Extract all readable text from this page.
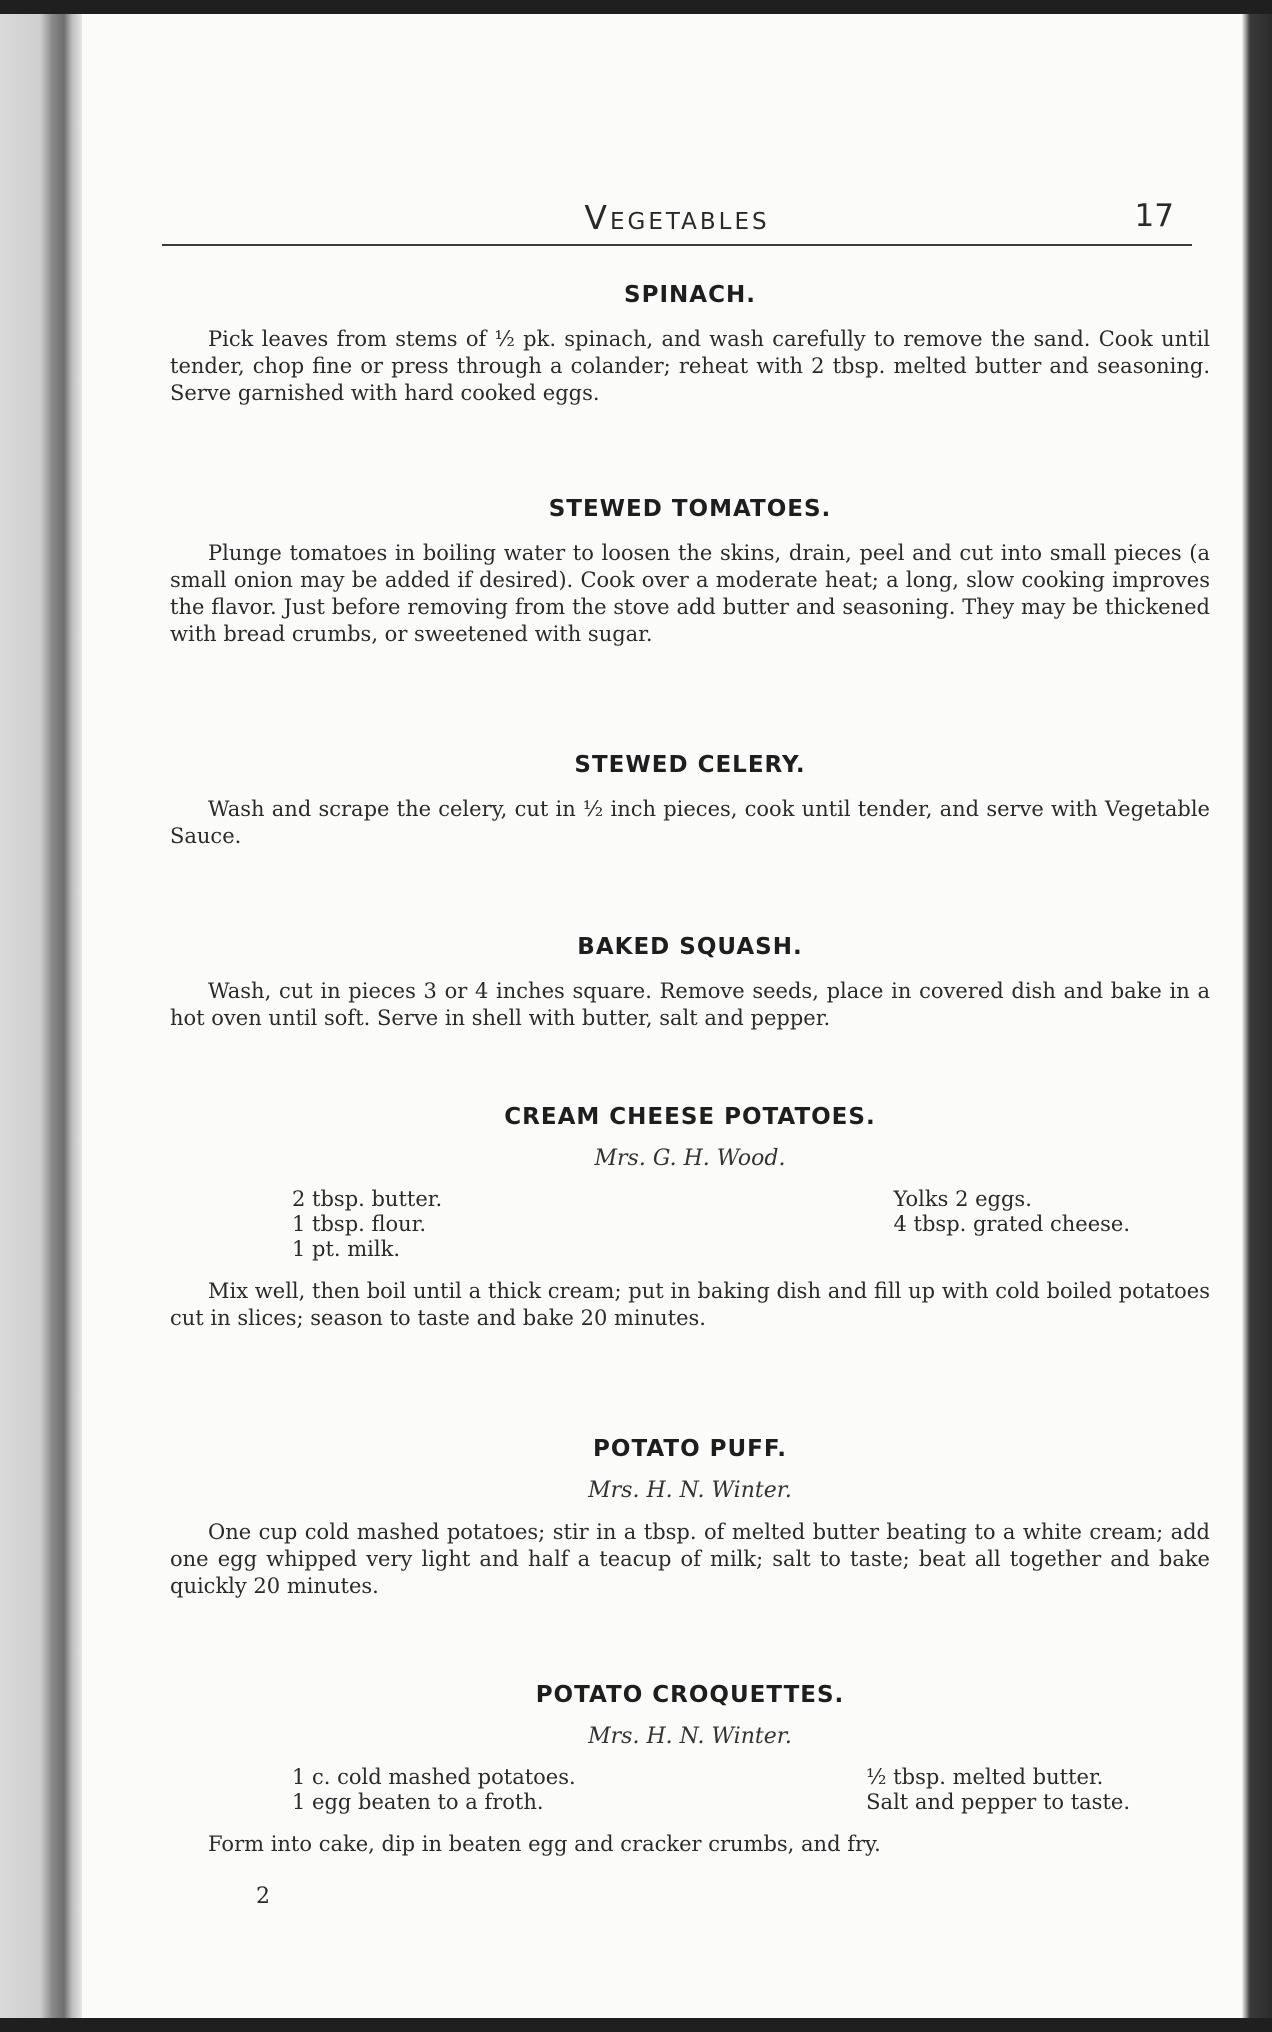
Vegetables	17
SPINACH.

Pick leaves from stems of ½ pk. spinach, and wash carefully to remove the sand. Cook until tender, chop fine or press through a colander; reheat with 2 tbsp. melted butter and seasoning. Serve garnished with hard cooked eggs.

STEWED TOMATOES.

Plunge tomatoes in boiling water to loosen the skins, drain, peel and cut into small pieces (a small onion may be added if desired). Cook over a moderate heat; a long, slow cooking improves the flavor. Just before removing from the stove add butter and seasoning. They may be thickened with bread crumbs, or sweetened with sugar.

STEWED CELERY.

Wash and scrape the celery, cut in ½ inch pieces, cook until tender, and serve with Vegetable Sauce.

BAKED SQUASH.

Wash, cut in pieces 3 or 4 inches square. Remove seeds, place in covered dish and bake in a hot oven until soft. Serve in shell with butter, salt and pepper.

CREAM CHEESE POTATOES.
Mrs. G. H. Wood.
2 tbsp. butter.
1 tbsp. flour.
1 pt. milk.
Yolks 2 eggs.
4 tbsp. grated cheese.

Mix well, then boil until a thick cream; put in baking dish and fill up with cold boiled potatoes cut in slices; season to taste and bake 20 minutes.

POTATO PUFF.
Mrs. H. N. Winter.

One cup cold mashed potatoes; stir in a tbsp. of melted butter beating to a white cream; add one egg whipped very light and half a teacup of milk; salt to taste; beat all together and bake quickly 20 minutes.

POTATO CROQUETTES.
Mrs. H. N. Winter.
1 c. cold mashed potatoes.
1 egg beaten to a froth.
½ tbsp. melted butter.
Salt and pepper to taste.

Form into cake, dip in beaten egg and cracker crumbs, and fry.

2
